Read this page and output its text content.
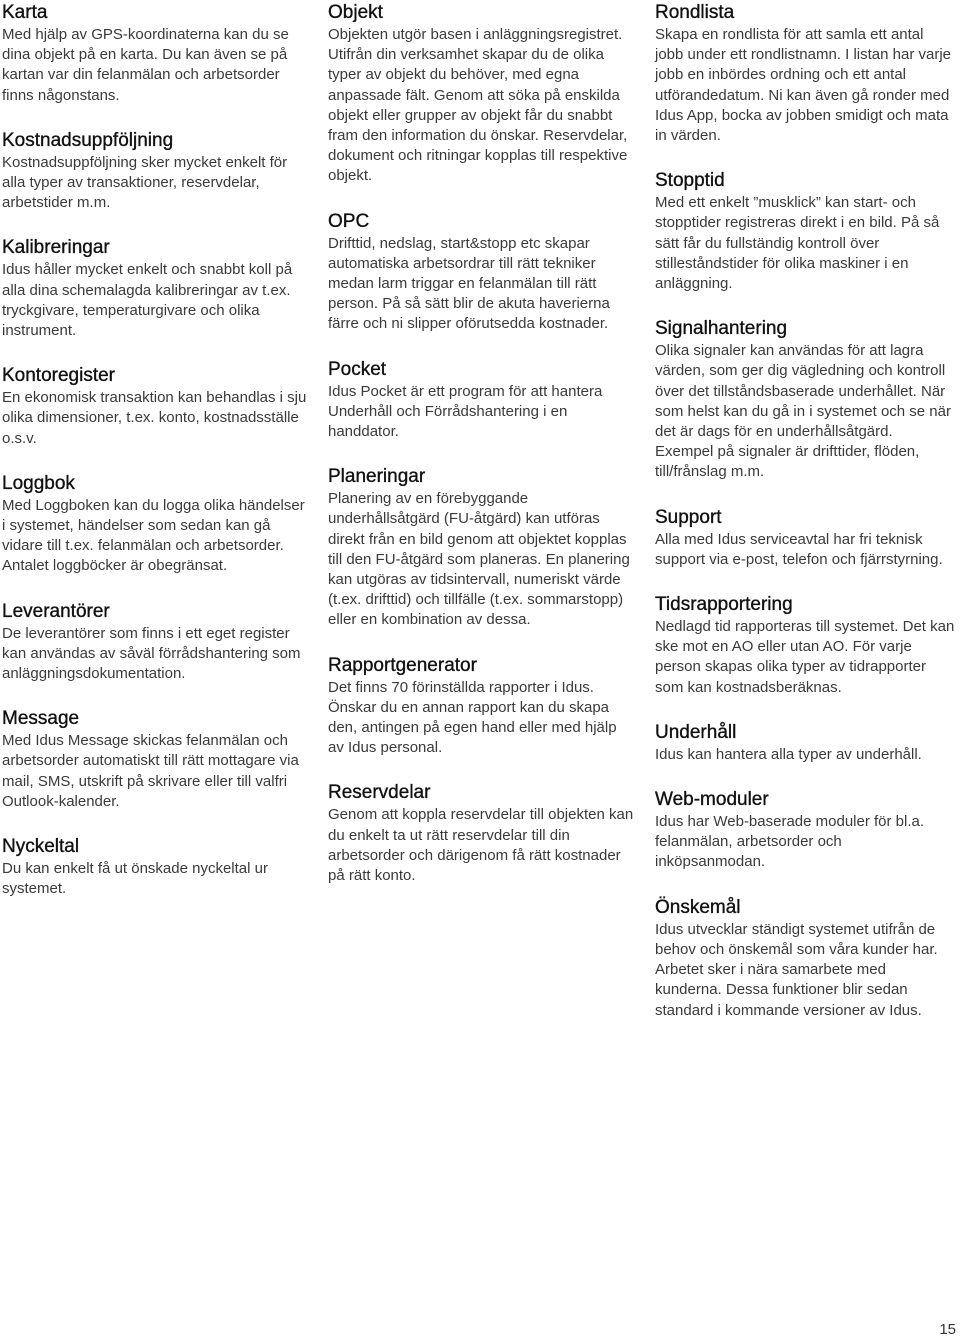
Karta

Med hjälp av GPS-koordinaterna kan du se dina objekt på en karta. Du kan även se på kartan var din felanmälan och arbetsorder finns någonstans.

Kostnadsuppföljning

Kostnadsuppföljning sker mycket enkelt för alla typer av transaktioner, reservdelar, arbetstider m.m.

Kalibreringar

Idus håller mycket enkelt och snabbt koll på alla dina schemalagda kalibreringar av t.ex. tryckgivare, temperaturgivare och olika instrument.

Kontoregister

En ekonomisk transaktion kan behandlas i sju olika dimensioner, t.ex. konto, kostnadsställe o.s.v.

Loggbok

Med Loggboken kan du logga olika händelser i systemet, händelser som sedan kan gå vidare till t.ex. felanmälan och arbetsorder. Antalet loggböcker är obegränsat.

Leverantörer

De leverantörer som finns i ett eget register kan användas av såväl förrådshantering som anläggningsdokumentation.

Message

Med Idus Message skickas felanmälan och arbetsorder automatiskt till rätt mottagare via mail, SMS, utskrift på skrivare eller till valfri Outlook-kalender.

Nyckeltal

Du kan enkelt få ut önskade nyckeltal ur systemet.

Objekt

Objekten utgör basen i anläggningsregistret. Utifrån din verksamhet skapar du de olika typer av objekt du behöver, med egna anpassade fält. Genom att söka på enskilda objekt eller grupper av objekt får du snabbt fram den information du önskar. Reservdelar, dokument och ritningar kopplas till respektive objekt.

OPC

Drifttid, nedslag, start&stopp etc skapar automatiska arbetsordrar till rätt tekniker medan larm triggar en felanmälan till rätt person. På så sätt blir de akuta haverierna färre och ni slipper oförutsedda kostnader.

Pocket

Idus Pocket är ett program för att hantera Underhåll och Förrådshantering i en handdator.

Planeringar

Planering av en förebyggande underhållsåtgärd (FU-åtgärd) kan utföras direkt från en bild genom att objektet kopplas till den FU-åtgärd som planeras. En planering kan utgöras av tidsintervall, numeriskt värde (t.ex. drifttid) och tillfälle (t.ex. sommarstopp) eller en kombination av dessa.

Rapportgenerator

Det finns 70 förinställda rapporter i Idus. Önskar du en annan rapport kan du skapa den, antingen på egen hand eller med hjälp av Idus personal.

Reservdelar

Genom att koppla reservdelar till objekten kan du enkelt ta ut rätt reservdelar till din arbetsorder och därigenom få rätt kostnader på rätt konto.

Rondlista

Skapa en rondlista för att samla ett antal jobb under ett rondlistnamn. I listan har varje jobb en inbördes ordning och ett antal utförandedatum. Ni kan även gå ronder med Idus App, bocka av jobben smidigt och mata in värden.

Stopptid

Med ett enkelt ”musklick” kan start- och stopptider registreras direkt i en bild. På så sätt får du fullständig kontroll över stilleståndstider för olika maskiner i en anläggning.

Signalhantering

Olika signaler kan användas för att lagra värden, som ger dig vägledning och kontroll över det tillståndsbaserade underhållet. När som helst kan du gå in i systemet och se när det är dags för en underhållsåtgärd. Exempel på signaler är drifttider, flöden, till/frånslag m.m.

Support

Alla med Idus serviceavtal har fri teknisk support via e-post, telefon och fjärrstyrning.

Tidsrapportering

Nedlagd tid rapporteras till systemet. Det kan ske mot en AO eller utan AO. För varje person skapas olika typer av tidrapporter som kan kostnadsberäknas.

Underhåll

Idus kan hantera alla typer av underhåll.

Web-moduler

Idus har Web-baserade moduler för bl.a. felanmälan, arbetsorder och inköpsanmodan.

Önskemål

Idus utvecklar ständigt systemet utifrån de behov och önskemål som våra kunder har. Arbetet sker i nära samarbete med kunderna. Dessa funktioner blir sedan standard i kommande versioner av Idus.

15
